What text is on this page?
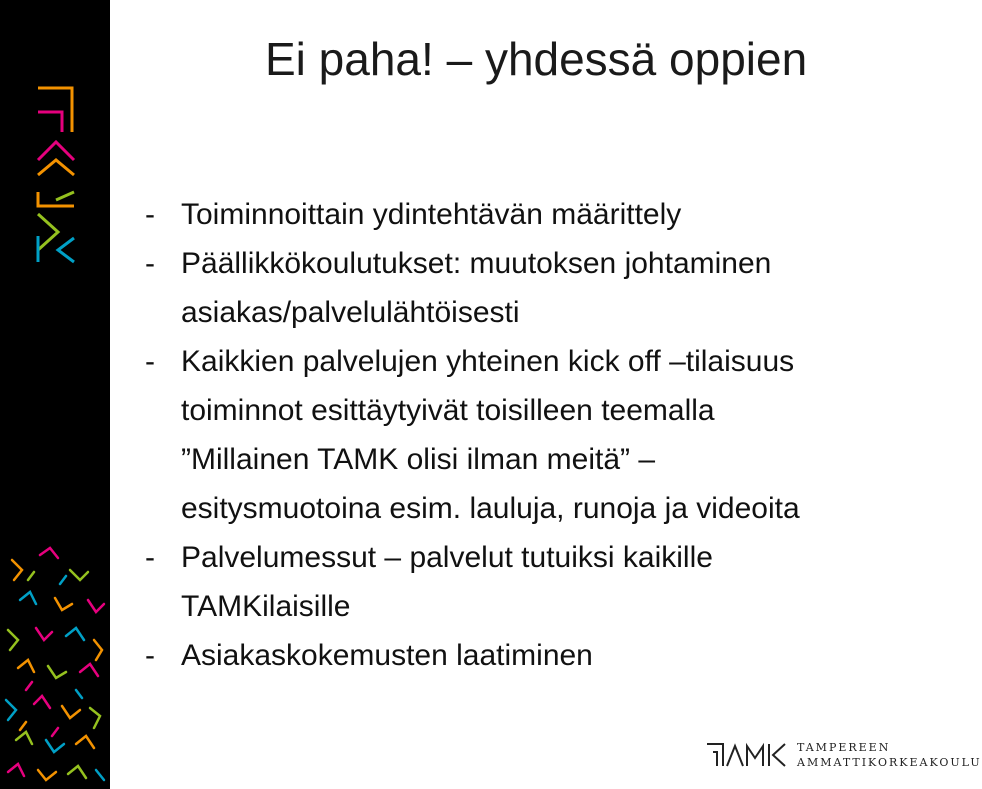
Ei paha! – yhdessä oppien
- Toiminnoittain ydintehtävän määrittely
- Päällikkökoulutukset: muutoksen johtaminen
asiakas/palvelulähtöisesti
- Kaikkien palvelujen yhteinen kick off –tilaisuus
toiminnot esittäytyivät toisilleen teemalla
”Millainen TAMK olisi ilman meitä” –
esitysmuotoina esim. lauluja, runoja ja videoita
- Palvelumessut – palvelut tutuiksi kaikille
TAMKilaisille
- Asiakaskokemusten laatiminen
TAMPEREEN
AMMATTIKORKEAKOULU
